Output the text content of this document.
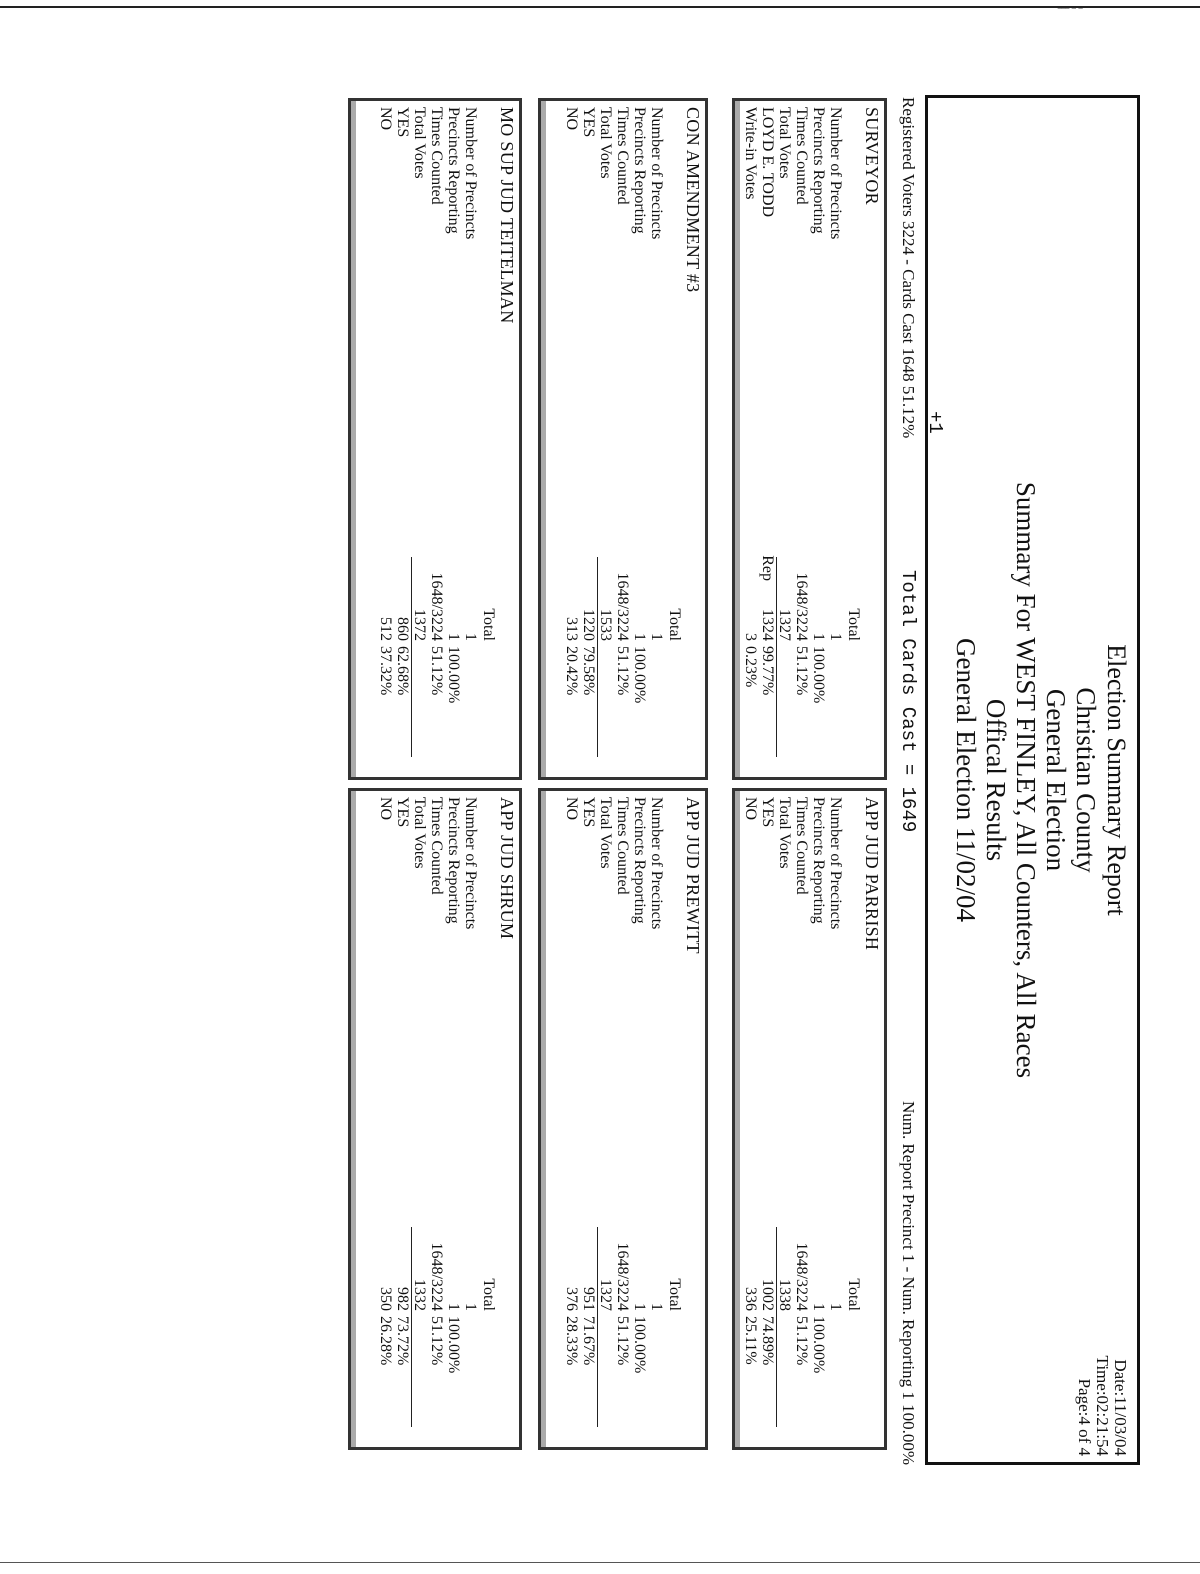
Election Summary Report
Christian County
General Election
Summary For WEST FINLEY, All Counters, All Races
Offical Results
General Election 11/02/04
Date:11/03/04
Time:02:21:54
Page:4 of 4
Registered Voters 3224 - Cards Cast 1648 51.12%
Total Cards Cast = 1649
Num. Report Precinct 1 - Num. Reporting 1 100.00%
+1
SURVEYOR
Total
Number of Precincts
1
Precincts Reporting
1
100.00%
Times Counted
1648/3224
51.12%
Total Votes
1327
LOYD E. TODD
Rep
1324
99.77%
Write-in Votes
3
0.23%
CON AMENDMENT #3
Total
Number of Precincts
1
Precincts Reporting
1
100.00%
Times Counted
1648/3224
51.12%
Total Votes
1533
YES
1220
79.58%
NO
313
20.42%
MO SUP JUD TEITELMAN
Total
Number of Precincts
1
Precincts Reporting
1
100.00%
Times Counted
1648/3224
51.12%
Total Votes
1372
YES
860
62.68%
NO
512
37.32%
APP JUD PARRISH
Total
Number of Precincts
1
Precincts Reporting
1
100.00%
Times Counted
1648/3224
51.12%
Total Votes
1338
YES
1002
74.89%
NO
336
25.11%
APP JUD PREWITT
Total
Number of Precincts
1
Precincts Reporting
1
100.00%
Times Counted
1648/3224
51.12%
Total Votes
1327
YES
951
71.67%
NO
376
28.33%
APP JUD SHRUM
Total
Number of Precincts
1
Precincts Reporting
1
100.00%
Times Counted
1648/3224
51.12%
Total Votes
1332
YES
982
73.72%
NO
350
26.28%
‾‾‾ ‾ ‾
